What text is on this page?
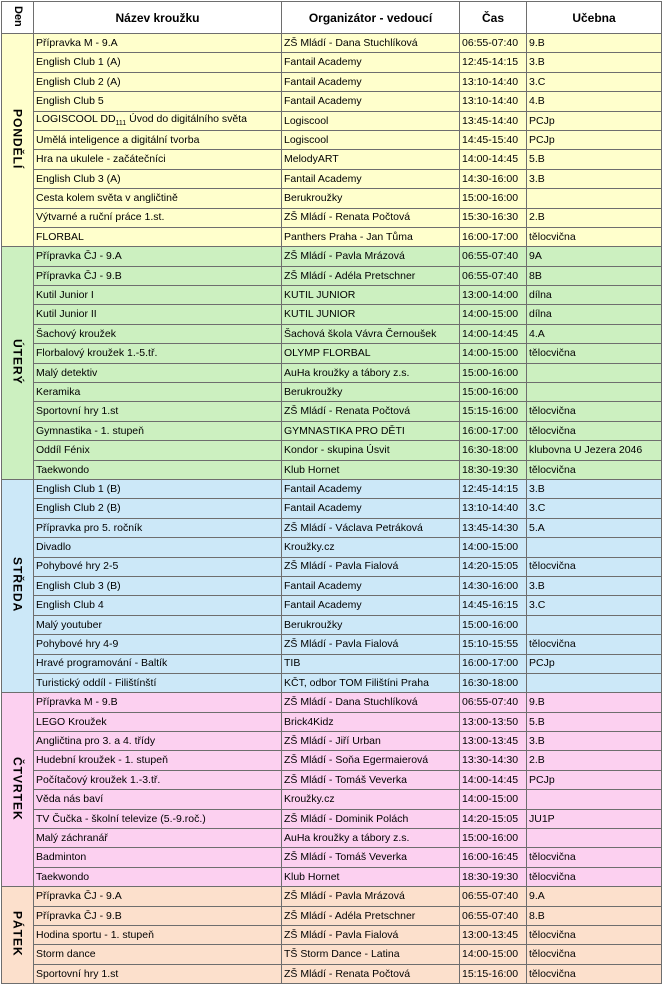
Den	Název kroužku	Organizátor - vedoucí	Čas	Učebna
PONDĚLÍ	Přípravka M - 9.A	ZŠ Mládí - Dana Stuchlíková	06:55-07:40	9.B
	English Club 1 (A)	Fantail Academy	12:45-14:15	3.B
	English Club 2 (A)	Fantail Academy	13:10-14:40	3.C
	English Club 5	Fantail Academy	13:10-14:40	4.B
	LOGISCOOL $DD_{111}$ Úvod do digitálního světa	Logiscool	13:45-14:40	PCJp
	Umělá inteligence a digitální tvorba	Logiscool	14:45-15:40	PCJp
	Hra na ukulele - začátečníci	MelodyART	14:00-14:45	5.B
	English Club 3 (A)	Fantail Academy	14:30-16:00	3.B
	Cesta kolem světa v angličtině	Berukroužky	15:00-16:00	
	Výtvarné a ruční práce 1.st.	ZŠ Mládí - Renata Počtová	15:30-16:30	2.B
	FLORBAL	Panthers Praha - Jan Tůma	16:00-17:00	tělocvična
ÚTERÝ	Přípravka ČJ - 9.A	ZŠ Mládí - Pavla Mrázová	06:55-07:40	9A
	Přípravka ČJ - 9.B	ZŠ Mládí - Adéla Pretschner	06:55-07:40	8B
	Kutil Junior I	KUTIL JUNIOR	13:00-14:00	dílna
	Kutil Junior II	KUTIL JUNIOR	14:00-15:00	dílna
	Šachový kroužek	Šachová škola Vávra Černoušek	14:00-14:45	4.A
	Florbalový kroužek 1.-5.tř.	OLYMP FLORBAL	14:00-15:00	tělocvična
	Malý detektiv	AuHa kroužky a tábory z.s.	15:00-16:00	
	Keramika	Berukroužky	15:00-16:00	
	Sportovní hry 1.st	ZŠ Mládí - Renata Počtová	15:15-16:00	tělocvična
	Gymnastika - 1. stupeň	GYMNASTIKA PRO DĚTI	16:00-17:00	tělocvična
	Oddíl Fénix	Kondor - skupina Úsvit	16:30-18:00	klubovna U Jezera 2046
	Taekwondo	Klub Hornet	18:30-19:30	tělocvična
STŘEDA	English Club 1 (B)	Fantail Academy	12:45-14:15	3.B
	English Club 2 (B)	Fantail Academy	13:10-14:40	3.C
	Přípravka pro 5. ročník	ZŠ Mládí - Václava Petráková	13:45-14:30	5.A
	Divadlo	Kroužky.cz	14:00-15:00	
	Pohybové hry 2-5	ZŠ Mládí - Pavla Fialová	14:20-15:05	tělocvična
	English Club 3 (B)	Fantail Academy	14:30-16:00	3.B
	English Club 4	Fantail Academy	14:45-16:15	3.C
	Malý youtuber	Berukroužky	15:00-16:00	
	Pohybové hry 4-9	ZŠ Mládí - Pavla Fialová	15:10-15:55	tělocvična
	Hravé programování - Baltík	TIB	16:00-17:00	PCJp
	Turistický oddíl - Filištínští	KČT, odbor TOM Filištíni Praha	16:30-18:00	
ČTVRTEK	Přípravka M - 9.B	ZŠ Mládí - Dana Stuchlíková	06:55-07:40	9.B
	LEGO Kroužek	Brick4Kidz	13:00-13:50	5.B
	Angličtina pro 3. a 4. třídy	ZŠ Mládí - Jiří Urban	13:00-13:45	3.B
	Hudební kroužek - 1. stupeň	ZŠ Mládí - Soňa Egermaierová	13:30-14:30	2.B
	Počítačový kroužek 1.-3.tř.	ZŠ Mládí - Tomáš Veverka	14:00-14:45	PCJp
	Věda nás baví	Kroužky.cz	14:00-15:00	
	TV Čučka - školní televize (5.-9.roč.)	ZŠ Mládí - Dominik Polách	14:20-15:05	JU1P
	Malý záchranář	AuHa kroužky a tábory z.s.	15:00-16:00	
	Badminton	ZŠ Mládí - Tomáš Veverka	16:00-16:45	tělocvična
	Taekwondo	Klub Hornet	18:30-19:30	tělocvična
PÁTEK	Přípravka ČJ - 9.A	ZŠ Mládí - Pavla Mrázová	06:55-07:40	9.A
	Přípravka ČJ - 9.B	ZŠ Mládí - Adéla Pretschner	06:55-07:40	8.B
	Hodina sportu - 1. stupeň	ZŠ Mládí - Pavla Fialová	13:00-13:45	tělocvična
	Storm dance	TŠ Storm Dance - Latina	14:00-15:00	tělocvična
	Sportovní hry 1.st	ZŠ Mládí - Renata Počtová	15:15-16:00	tělocvična
